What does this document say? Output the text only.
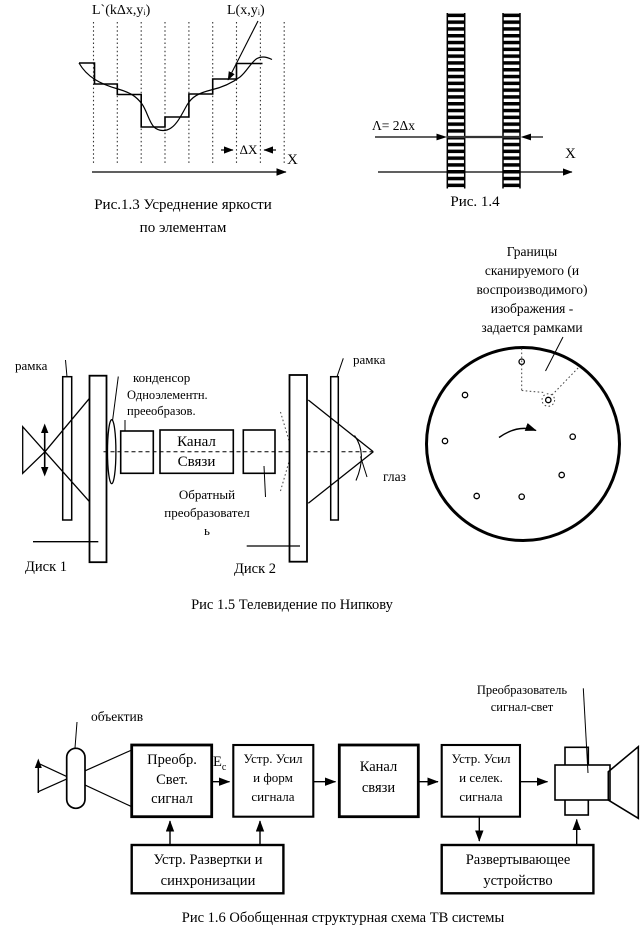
L`(kΔx,yᵢ)	L(x,yᵢ)
ΔX
X
Рис.1.3 Усреднение яркости
по элементам
Λ= 2Δx
X
Рис. 1.4
рамка	рамка
конденсор
Одноэлементн.
прееобразов.
Канал
Связи
Обратный
преобразовател
ь
глаз
Диск 1	Диск 2
Границы
сканируемого (и
воспроизводимого)
изображения -
задается рамками
Рис 1.5 Телевидение по Нипкову
объектив
Преобр.
Свет.
сигнал
$Е_с$
Устр. Усил
и форм
сигнала
Канал
связи
Устр. Усил
и селек.
сигнала
Устр. Развертки и
синхронизации
Развертывающее
устройство
Преобразователь
сигнал-свет
Рис 1.6 Обобщенная структурная схема ТВ системы
